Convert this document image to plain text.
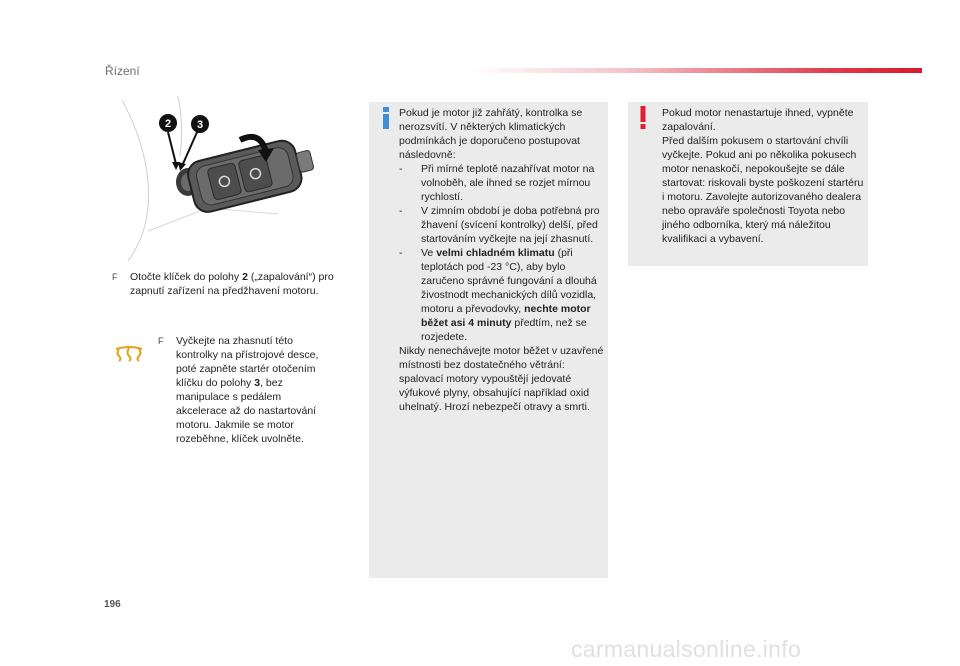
Řízení
2 3
F	Otočte klíček do polohy 2 („zapalování“) pro zapnutí zařízení na předžhavení motoru.
F	Vyčkejte na zhasnutí této kontrolky na přístrojové desce, poté zapněte startér otočením klíčku do polohy 3, bez manipulace s pedálem akcelerace až do nastartování motoru. Jakmile se motor rozeběhne, klíček uvolněte.

Pokud je motor již zahřátý, kontrolka se nerozsvítí. V některých klimatických podmínkách je doporučeno postupovat následovně:

- Při mírné teplotě nazahřívat motor na volnoběh, ale ihned se rozjet mírnou rychlostí.

- V zimním období je doba potřebná pro žhavení (svícení kontrolky) delší, před startováním vyčkejte na její zhasnutí.

- Ve velmi chladném klimatu (při teplotách pod -23 °C), aby bylo zaručeno správné fungování a dlouhá živostnodt mechanických dílů vozidla, motoru a převodovky, nechte motor běžet asi 4 minuty předtím, než se rozjedete.

Nikdy nenechávejte motor běžet v uzavřené místnosti bez dostatečného větrání: spalovací motory vypouštějí jedovaté výfukové plyny, obsahující například oxid uhelnatý. Hrozí nebezpečí otravy a smrti.

Pokud motor nenastartuje ihned, vypněte zapalování.
Před dalším pokusem o startování chvíli vyčkejte. Pokud ani po několika pokusech motor nenaskočí, nepokoušejte se dále startovat: riskovali byste poškození startéru i motoru. Zavolejte autorizovaného dealera nebo opraváře společnosti Toyota nebo jiného odborníka, který má náležitou kvalifikaci a vybavení.
196
carmanualsonline.info
